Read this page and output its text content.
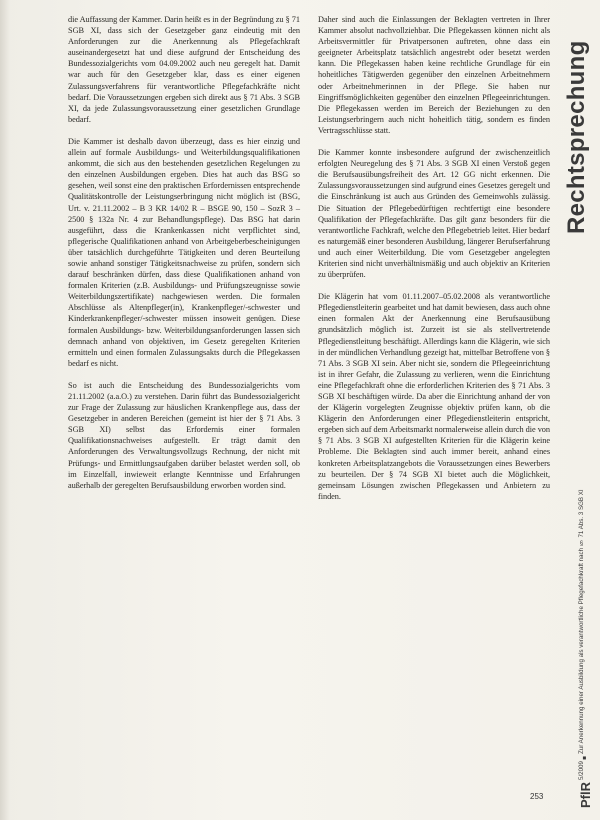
die Auffassung der Kammer. Darin heißt es in der Begründung zu § 71 SGB XI, dass sich der Gesetzgeber ganz eindeutig mit den Anforderungen zur die Anerkennung als Pflegefachkraft auseinandergesetzt hat und diese aufgrund der Entscheidung des Bundessozialgerichts vom 04.09.2002 auch neu geregelt hat. Damit war auch für den Gesetzgeber klar, dass es einer eigenen Zulassungsverfahrens für verantwortliche Pflegefachkräfte nicht bedarf. Die Voraussetzungen ergeben sich direkt aus § 71 Abs. 3 SGB XI, da jede Zulassungsvoraussetzung einer gesetzlichen Grundlage bedarf.

Die Kammer ist deshalb davon überzeugt, dass es hier einzig und allein auf formale Ausbildungs- und Weiterbildungsqualifikationen ankommt, die sich aus den bestehenden gesetzlichen Regelungen zu den einzelnen Ausbildungen ergeben. Dies hat auch das BSG so gesehen, weil sonst eine den praktischen Erfordernissen entsprechende Qualitätskontrolle der Leistungserbringung nicht möglich ist (BSG, Urt. v. 21.11.2002 – B 3 KR 14/02 R – BSGE 90, 150 – SozR 3 – 2500 § 132a Nr. 4 zur Behandlungspflege). Das BSG hat darin ausgeführt, dass die Krankenkassen nicht verpflichtet sind, pflegerische Qualifikationen anhand von Arbeitgeberbescheinigungen über tatsächlich durchgeführte Tätigkeiten und deren Beurteilung sowie anhand sonstiger Tätigkeitsnachweise zu prüfen, sondern sich darauf beschränken dürfen, dass diese Qualifikationen anhand von formalen Kriterien (z.B. Ausbildungs- und Prüfungszeugnisse sowie Weiterbildungszertifikate) nachgewiesen werden. Die formalen Abschlüsse als Altenpfleger(in), Krankenpfleger/-schwester und Kinderkrankenpfleger/-schwester müssen insoweit genügen. Diese formalen Ausbildungs- bzw. Weiterbildungsanforderungen lassen sich demnach anhand von objektiven, im Gesetz geregelten Kriterien ermitteln und einen formalen Zulassungsakts durch die Pflegekassen bedarf es nicht.

So ist auch die Entscheidung des Bundessozialgerichts vom 21.11.2002 (a.a.O.) zu verstehen. Darin führt das Bundessozialgericht zur Frage der Zulassung zur häuslichen Krankenpflege aus, dass der Gesetzgeber in anderen Bereichen (gemeint ist hier der § 71 Abs. 3 SGB XI) selbst das Erfordernis einer formalen Qualifikationsnachweises aufgestellt. Er trägt damit den Anforderungen des Verwaltungsvollzugs Rechnung, der nicht mit Prüfungs- und Ermittlungsaufgaben darüber belastet werden soll, ob im Einzelfall, inwieweit erlangte Kenntnisse und Erfahrungen außerhalb der geregelten Berufsausbildung erworben worden sind.

Daher sind auch die Einlassungen der Beklagten vertreten in Ihrer Kammer absolut nachvollziehbar. Die Pflegekassen können nicht als Arbeitsvermittler für Privatpersonen auftreten, ohne dass ein geeigneter Arbeitsplatz tatsächlich angestrebt oder besetzt werden kann. Die Pflegekassen haben keine rechtliche Grundlage für ein hoheitliches Tätigwerden gegenüber den einzelnen Arbeitnehmern oder Arbeitnehmerinnen in der Pflege. Sie haben nur Eingriffsmöglichkeiten gegenüber den einzelnen Pflegeeinrichtungen. Die Pflegekassen werden im Bereich der Beziehungen zu den Leistungserbringern auch nicht hoheitlich tätig, sondern es finden Vertragsschlüsse statt.

Die Kammer konnte insbesondere aufgrund der zwischenzeitlich erfolgten Neuregelung des § 71 Abs. 3 SGB XI einen Verstoß gegen die Berufsausübungsfreiheit des Art. 12 GG nicht erkennen. Die Zulassungsvoraussetzungen sind aufgrund eines Gesetzes geregelt und die Einschränkung ist auch aus Gründen des Gemeinwohls zulässig. Die Situation der Pflegebedürftigen rechtfertigt eine besondere Qualifikation der Pflegefachkräfte. Das gilt ganz besonders für die verantwortliche Fachkraft, welche den Pflegebetrieb leitet. Hier bedarf es naturgemäß einer besonderen Ausbildung, längerer Berufserfahrung und auch einer Weiterbildung. Die vom Gesetzgeber angelegten Kriterien sind nicht unverhältnismäßig und auch objektiv an Kriterien zu überprüfen.

Die Klägerin hat vom 01.11.2007–05.02.2008 als verantwortliche Pflegedienstleiterin gearbeitet und hat damit bewiesen, dass auch ohne einen formalen Akt der Anerkennung eine Berufsausübung grundsätzlich möglich ist. Zurzeit ist sie als stellvertretende Pflegedienstleitung beschäftigt. Allerdings kann die Klägerin, wie sich in der mündlichen Verhandlung gezeigt hat, mittelbar Betroffene von § 71 Abs. 3 SGB XI sein. Aber nicht sie, sondern die Pflegeeinrichtung ist in ihrer Gefahr, die Zulassung zu verlieren, wenn die Einrichtung eine Pflegefachkraft ohne die erforderlichen Kriterien des § 71 Abs. 3 SGB XI beschäftigen würde. Da aber die Einrichtung anhand der von der Klägerin vorgelegten Zeugnisse objektiv prüfen kann, ob die Klägerin den Anforderungen einer Pflegedienstleiterin entspricht, ergeben sich auf dem Arbeitsmarkt normalerweise allein durch die von § 71 Abs. 3 SGB XI aufgestellten Kriterien für die Klägerin keine Probleme. Die Beklagten sind auch immer bereit, anhand eines konkreten Arbeitsplatzangebots die Voraussetzungen eines Bewerbers zu beurteilen. Der § 74 SGB XI bietet auch die Möglichkeit, gemeinsam Lösungen zwischen Pflegekassen und Anbietern zu finden.

Rechtsprechung
PflR

5/2009
■
Zur Anerkennung einer Ausbildung als verantwortliche Pflegefachkraft nach § 71 Abs. 3 SGB XI
253
